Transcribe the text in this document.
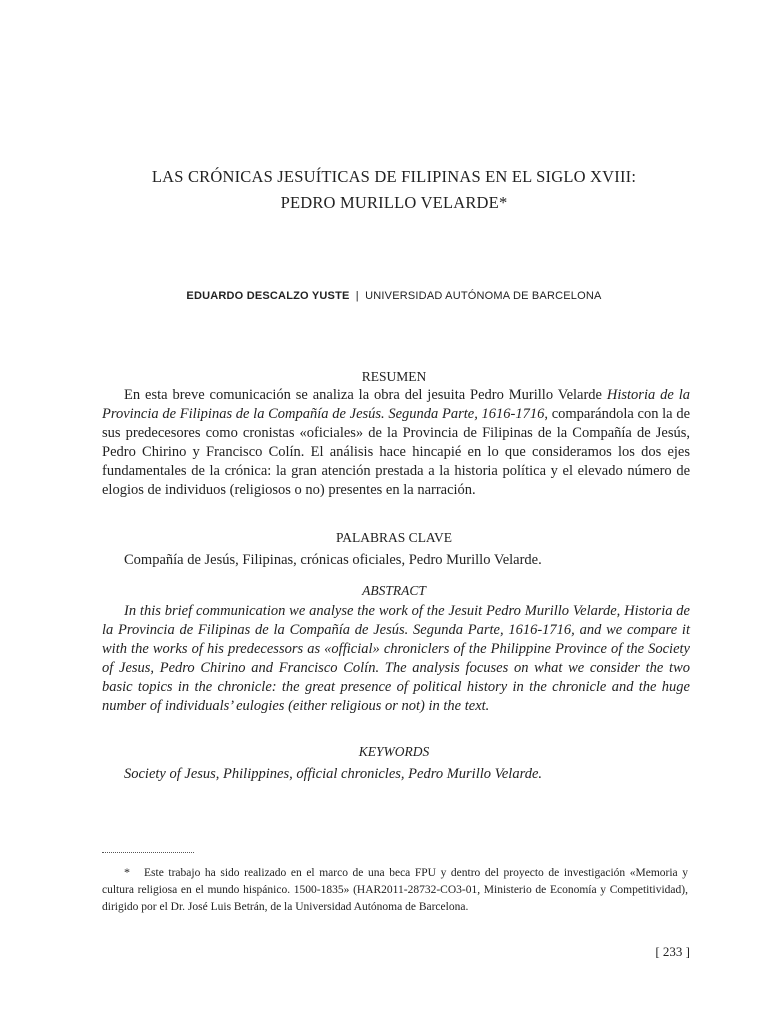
LAS CRÓNICAS JESUÍTICAS DE FILIPINAS EN EL SIGLO XVIII:
PEDRO MURILLO VELARDE*
EDUARDO DESCALZO YUSTE | UNIVERSIDAD AUTÓNOMA DE BARCELONA
RESUMEN

En esta breve comunicación se analiza la obra del jesuita Pedro Murillo Velarde Historia de la Provincia de Filipinas de la Compañía de Jesús. Segunda Parte, 1616-1716, comparándola con la de sus predecesores como cronistas «oficiales» de la Provincia de Filipinas de la Compañía de Jesús, Pedro Chirino y Francisco Colín. El análisis hace hincapié en lo que consideramos los dos ejes fundamentales de la crónica: la gran atención prestada a la historia política y el elevado número de elogios de individuos (religiosos o no) presentes en la narración.

PALABRAS CLAVE

Compañía de Jesús, Filipinas, crónicas oficiales, Pedro Murillo Velarde.

ABSTRACT

In this brief communication we analyse the work of the Jesuit Pedro Murillo Velarde, Historia de la Provincia de Filipinas de la Compañía de Jesús. Segunda Parte, 1616-1716, and we compare it with the works of his predecessors as «official» chroniclers of the Philippine Province of the Society of Jesus, Pedro Chirino and Francisco Colín. The analysis focuses on what we consider the two basic topics in the chronicle: the great presence of political history in the chronicle and the huge number of individuals’ eulogies (either religious or not) in the text.

KEYWORDS

Society of Jesus, Philippines, official chronicles, Pedro Murillo Velarde.

* Este trabajo ha sido realizado en el marco de una beca FPU y dentro del proyecto de investigación «Memoria y cultura religiosa en el mundo hispánico. 1500-1835» (HAR2011-28732-CO3-01, Ministerio de Economía y Competitividad), dirigido por el Dr. José Luis Betrán, de la Universidad Autónoma de Barcelona.

[ 233 ]
